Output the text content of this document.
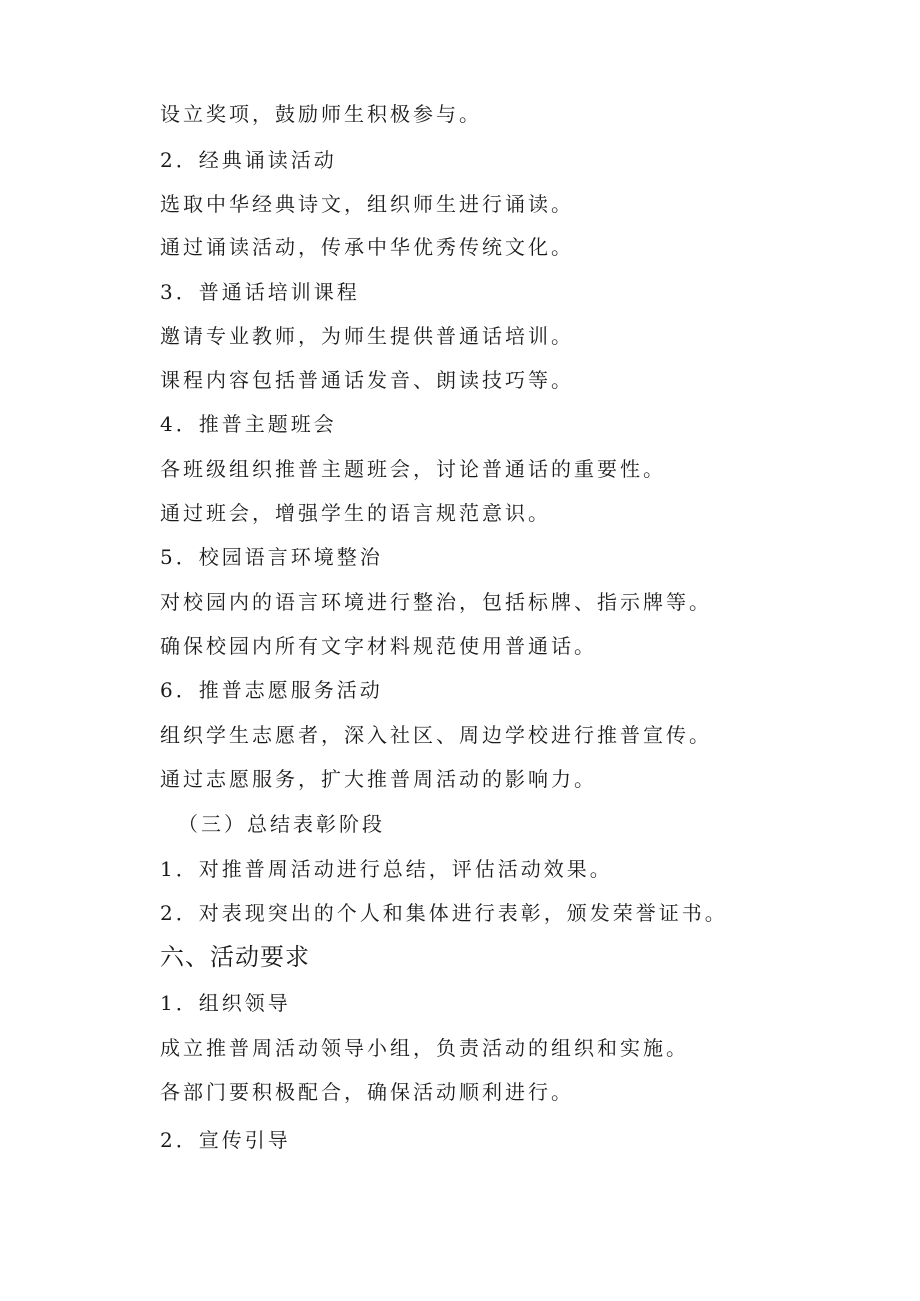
设立奖项，鼓励师生积极参与。
2．经典诵读活动
选取中华经典诗文，组织师生进行诵读。
通过诵读活动，传承中华优秀传统文化。
3．普通话培训课程
邀请专业教师，为师生提供普通话培训。
课程内容包括普通话发音、朗读技巧等。
4．推普主题班会
各班级组织推普主题班会，讨论普通话的重要性。
通过班会，增强学生的语言规范意识。
5．校园语言环境整治
对校园内的语言环境进行整治，包括标牌、指示牌等。
确保校园内所有文字材料规范使用普通话。
6．推普志愿服务活动
组织学生志愿者，深入社区、周边学校进行推普宣传。
通过志愿服务，扩大推普周活动的影响力。
（三）总结表彰阶段
1．对推普周活动进行总结，评估活动效果。
2．对表现突出的个人和集体进行表彰，颁发荣誉证书。
六、活动要求
1．组织领导
成立推普周活动领导小组，负责活动的组织和实施。
各部门要积极配合，确保活动顺利进行。
2．宣传引导
